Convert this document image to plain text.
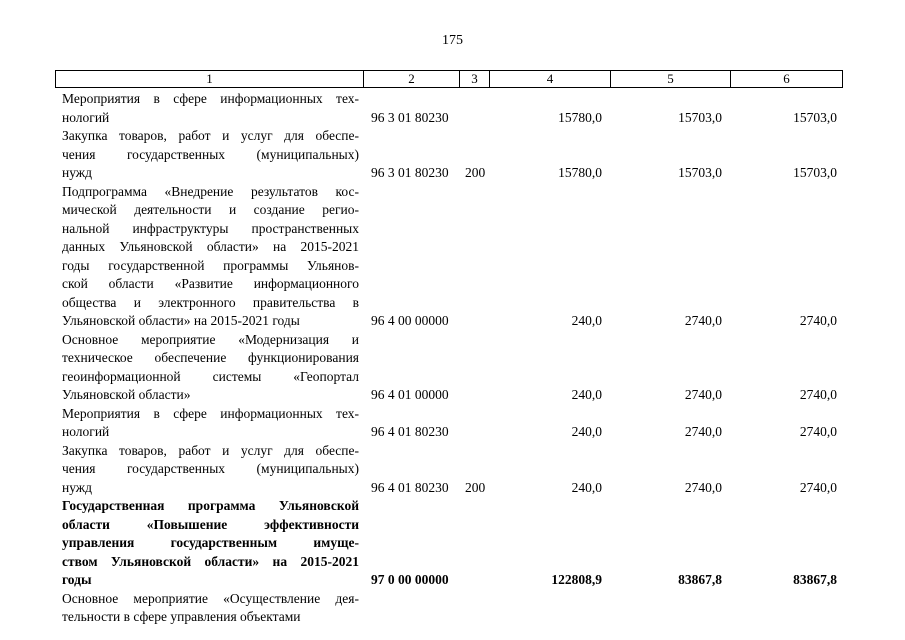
175
1	2	3	4	5	6
Мероприятия в сфере информационных тех-
нологий	96 3 01 80230	15780,0	15703,0	15703,0
Закупка товаров, работ и услуг для обеспе-
чения государственных (муниципальных)
нужд	96 3 01 80230 200	15780,0	15703,0	15703,0
Подпрограмма «Внедрение результатов кос-
мической деятельности и создание регио-
нальной инфраструктуры пространственных
данных Ульяновской области» на 2015-2021
годы государственной программы Ульянов-
ской области «Развитие информационного
общества и электронного правительства в
Ульяновской области» на 2015-2021 годы	96 4 00 00000	240,0	2740,0	2740,0
Основное мероприятие «Модернизация и
техническое обеспечение функционирования
геоинформационной системы «Геопортал
Ульяновской области»	96 4 01 00000	240,0	2740,0	2740,0
Мероприятия в сфере информационных тех-
нологий	96 4 01 80230	240,0	2740,0	2740,0
Закупка товаров, работ и услуг для обеспе-
чения государственных (муниципальных)
нужд	96 4 01 80230 200	240,0	2740,0	2740,0
Государственная программа Ульяновской
области «Повышение эффективности
управления государственным имуще-
ством Ульяновской области» на 2015-2021
годы	97 0 00 00000	122808,9	83867,8	83867,8
Основное мероприятие «Осуществление дея-
тельности в сфере управления объектами
